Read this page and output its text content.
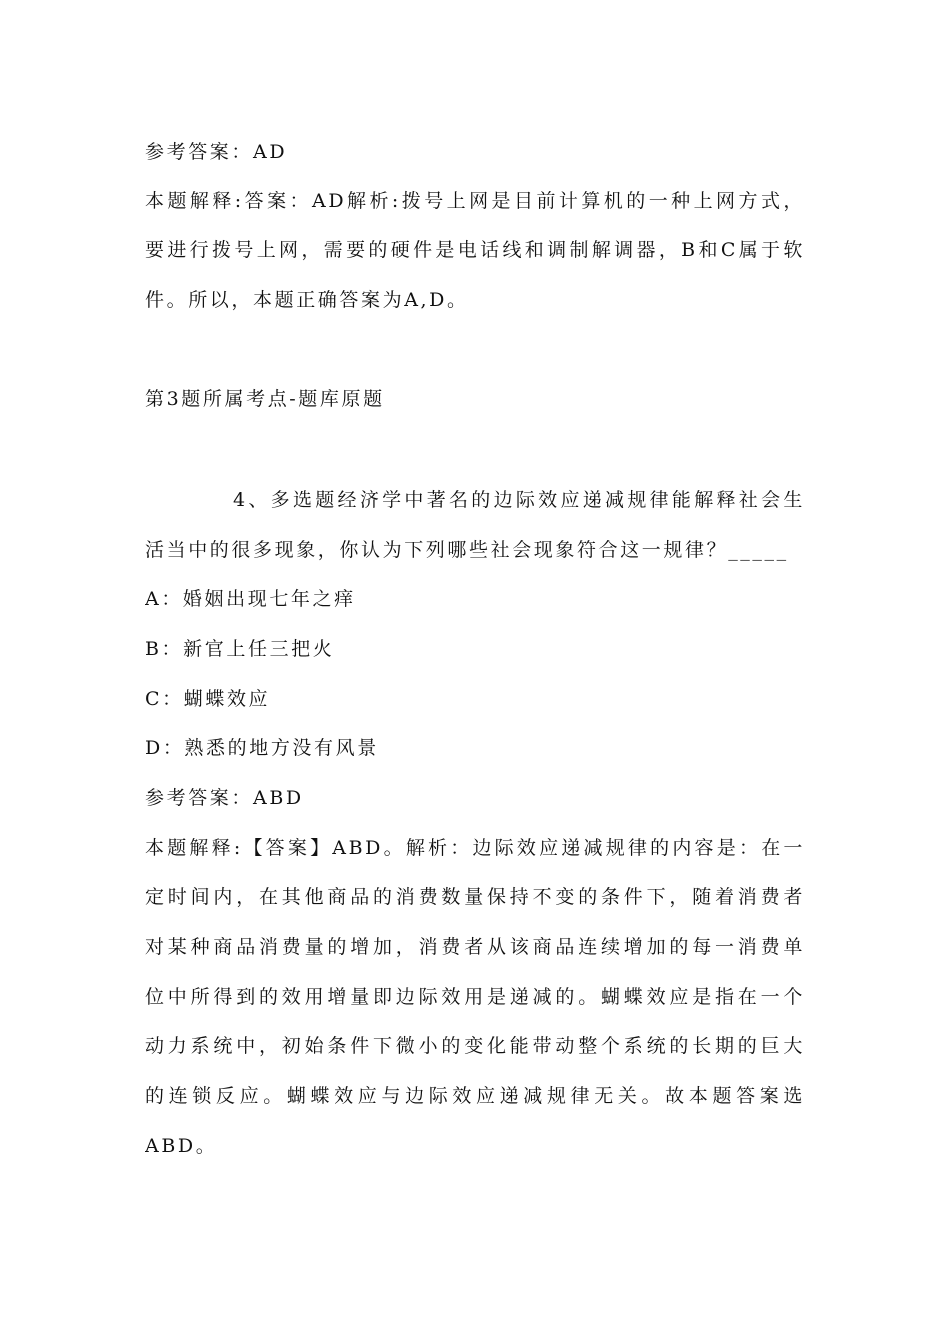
参考答案：AD
本题解释:答案：AD解析:拨号上网是目前计算机的一种上网方式，
要进行拨号上网，需要的硬件是电话线和调制解调器，B和C属于软
件。所以，本题正确答案为A,D。
第3题所属考点-题库原题
4、多选题经济学中著名的边际效应递减规律能解释社会生
活当中的很多现象，你认为下列哪些社会现象符合这一规律？_____
A：婚姻出现七年之痒
B：新官上任三把火
C：蝴蝶效应
D：熟悉的地方没有风景
参考答案：ABD
本题解释:【答案】ABD。解析：边际效应递减规律的内容是：在一
定时间内，在其他商品的消费数量保持不变的条件下，随着消费者
对某种商品消费量的增加，消费者从该商品连续增加的每一消费单
位中所得到的效用增量即边际效用是递减的。蝴蝶效应是指在一个
动力系统中，初始条件下微小的变化能带动整个系统的长期的巨大
的连锁反应。蝴蝶效应与边际效应递减规律无关。故本题答案选
ABD。
